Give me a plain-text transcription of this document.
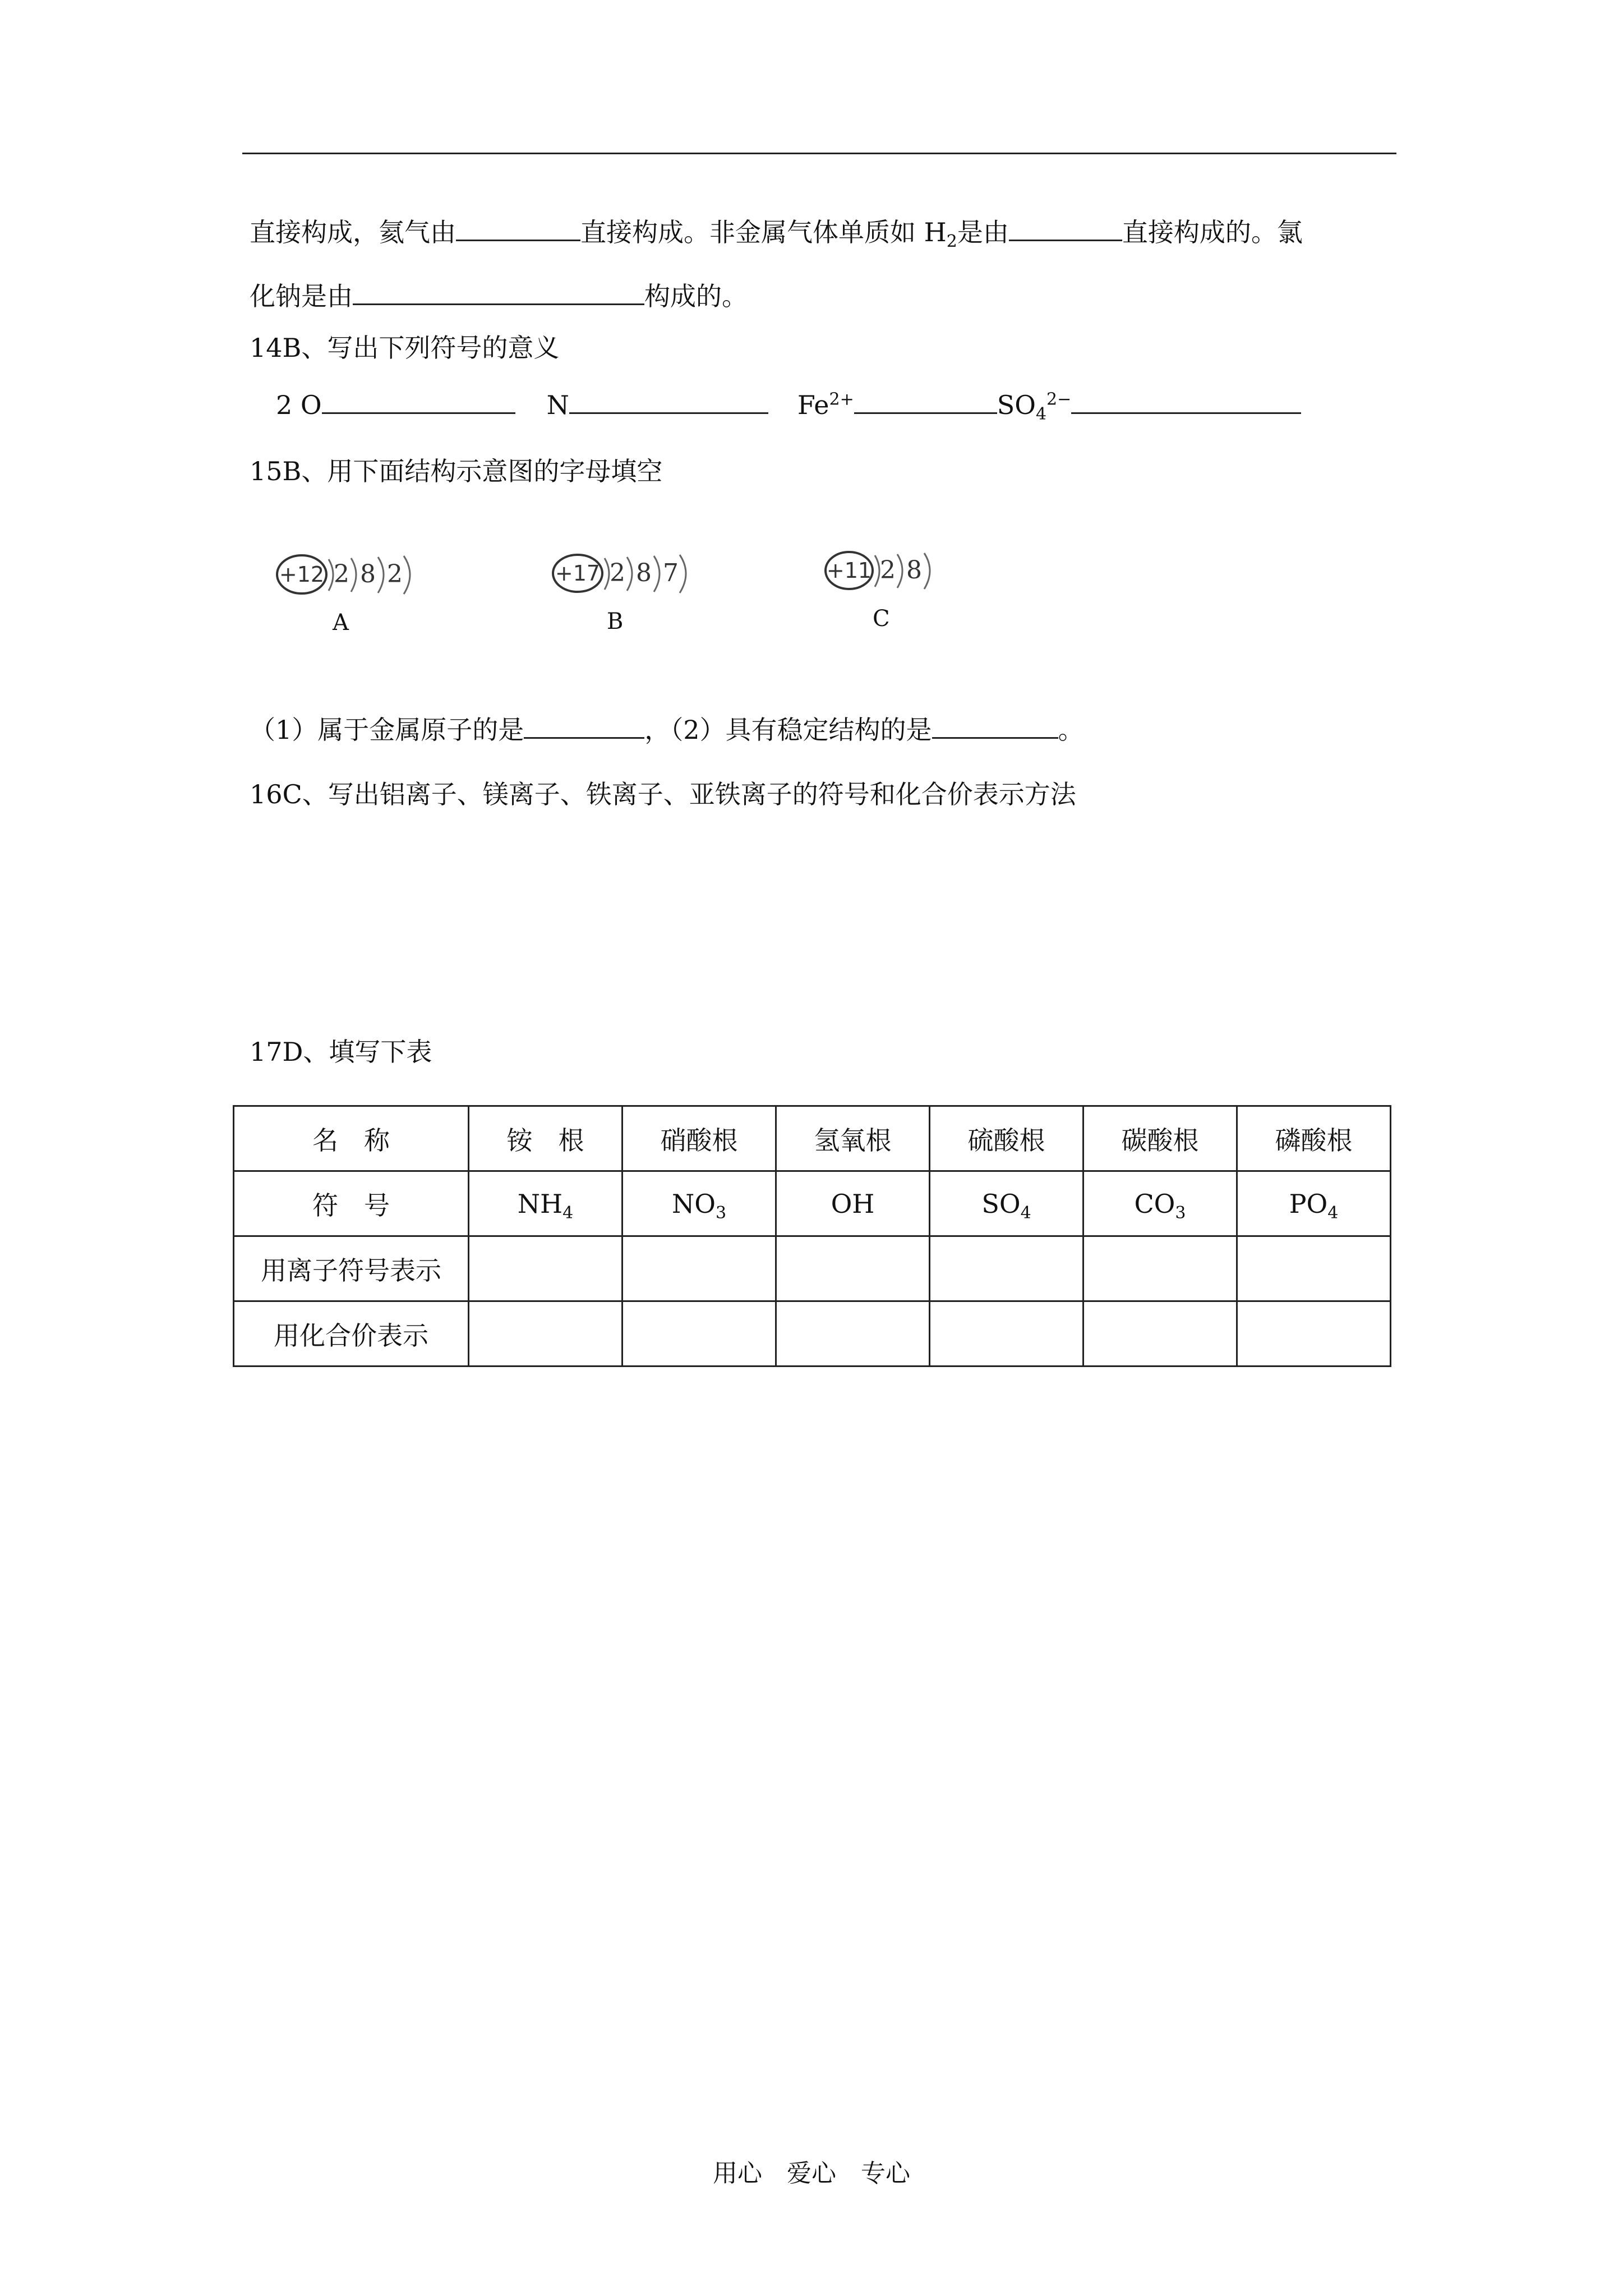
直接构成，氦气由	直接构成。非金属气体单质如 $H_2$是由	直接构成的。氯
化钠是由	构成的。
14B、写出下列符号的意义
2 O	N	$Fe^{2+}$	$SO_4^{2-}$
15B、用下面结构示意图的字母填空
+12 2 8 2
A
+17 2 8 7
B
+11 2 8
C
（1）属于金属原子的是	，（2）具有稳定结构的是	。
16C、写出铝离子、镁离子、铁离子、亚铁离子的符号和化合价表示方法
17D、填写下表
名　称	铵　根	硝酸根	氢氧根	硫酸根	碳酸根	磷酸根
符　号	$NH_4$	$NO_3$	OH	$SO_4$	$CO_3$	$PO_4$
用离子符号表示						
用化合价表示						
用心　爱心　专心
